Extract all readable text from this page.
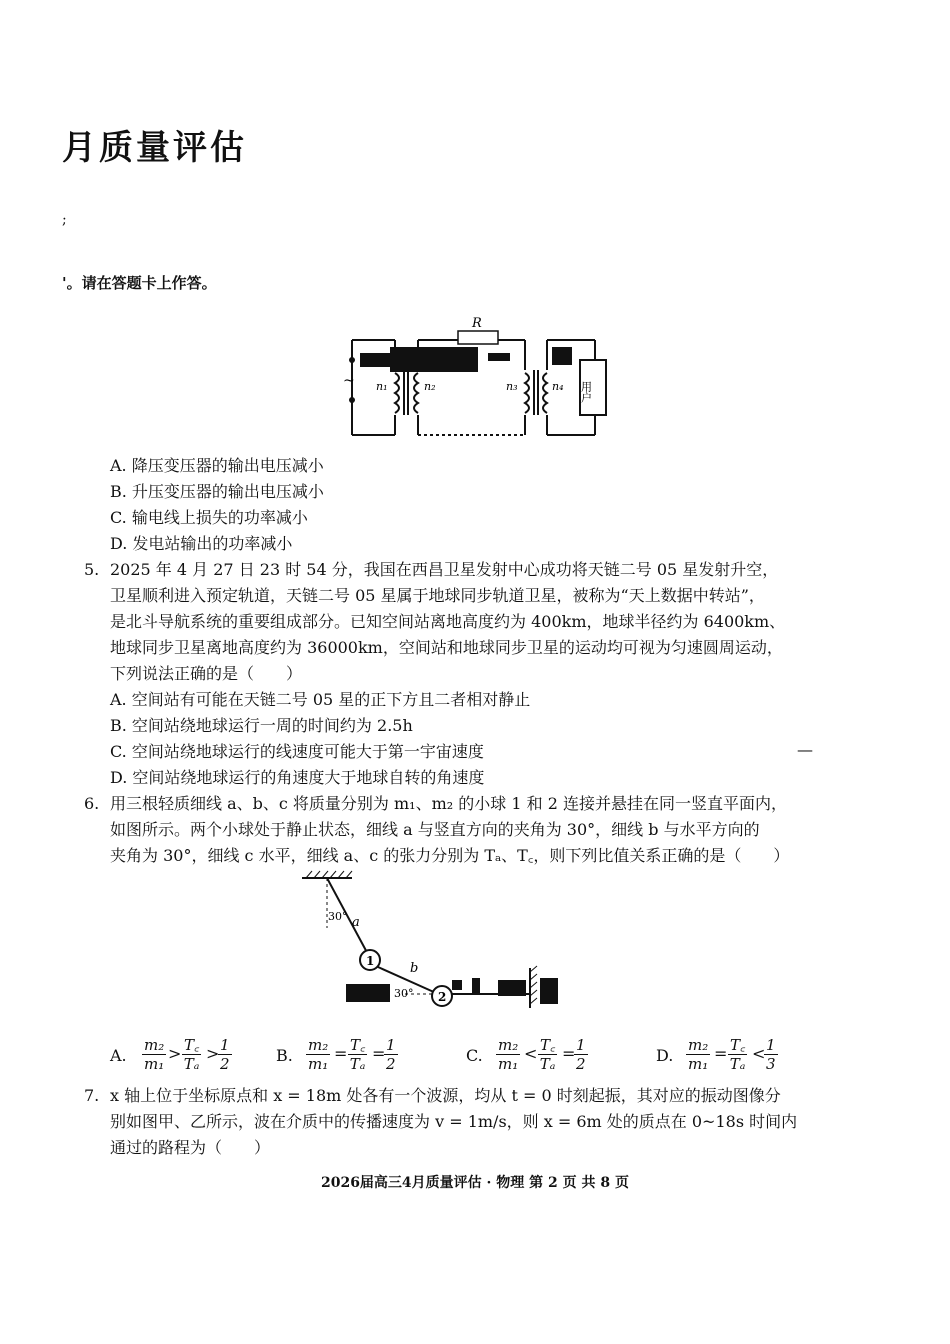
月质量评估
;
'。请在答题卡上作答。
R
~ n₁	n₂	n₃	n₄ 用户
A. 降压变压器的输出电压减小
B. 升压变压器的输出电压减小
C. 输电线上损失的功率减小
D. 发电站输出的功率减小
5. 2025 年 4 月 27 日 23 时 54 分，我国在西昌卫星发射中心成功将天链二号 05 星发射升空，
卫星顺利进入预定轨道，天链二号 05 星属于地球同步轨道卫星，被称为“天上数据中转站”，
是北斗导航系统的重要组成部分。已知空间站离地高度约为 400km，地球半径约为 6400km、
地球同步卫星离地高度约为 36000km，空间站和地球同步卫星的运动均可视为匀速圆周运动，
下列说法正确的是（　　）
A. 空间站有可能在天链二号 05 星的正下方且二者相对静止
B. 空间站绕地球运行一周的时间约为 2.5h
C. 空间站绕地球运行的线速度可能大于第一宇宙速度
D. 空间站绕地球运行的角速度大于地球自转的角速度
—
6. 用三根轻质细线 a、b、c 将质量分别为 m₁、m₂ 的小球 1 和 2 连接并悬挂在同一竖直平面内，
如图所示。两个小球处于静止状态，细线 a 与竖直方向的夹角为 30°，细线 b 与水平方向的
夹角为 30°，细线 c 水平，细线 a、c 的张力分别为 Tₐ、T꜀，则下列比值关系正确的是（　　）
30°
30°
a
b
c
1
2
A. $\frac{\text{m₂}}{\text{m₁}} > \frac{T꜀}{\text{Tₐ}}$ >
$\frac{1}{2}$	B. $\frac{\text{m₂}}{\text{m₁}} = \frac{T꜀}{\text{Tₐ}}$ =
$\frac{1}{2}$	C. $\frac{\text{m₂}}{\text{m₁}} < \frac{T꜀}{\text{Tₐ}}$ =
$\frac{1}{2}$	D. $\frac{\text{m₂}}{\text{m₁}} = \frac{T꜀}{\text{Tₐ}}$ <
$\frac{1}{3}$
7. x 轴上位于坐标原点和 x = 18m 处各有一个波源，均从 t = 0 时刻起振，其对应的振动图像分
别如图甲、乙所示，波在介质中的传播速度为 v = 1m/s，则 x = 6m 处的质点在 0~18s 时间内
通过的路程为（　　）
2026届高三4月质量评估 · 物理 第 2 页 共 8 页
